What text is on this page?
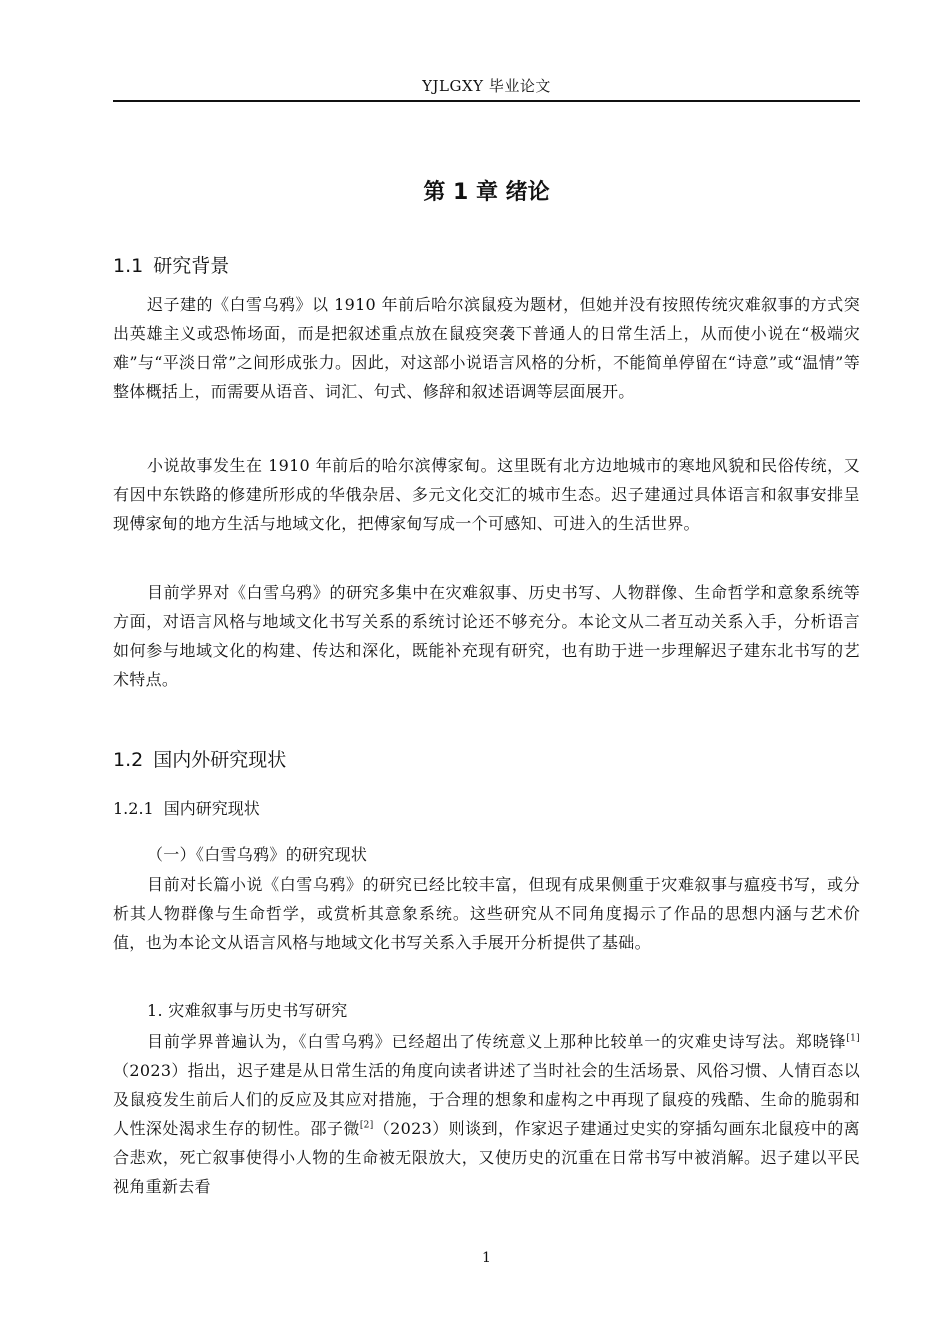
YJLGXY 毕业论文
第 1 章 绪论
1.1 研究背景

迟子建的《白雪乌鸦》以 1910 年前后哈尔滨鼠疫为题材，但她并没有按照传统灾难叙事的方式突出英雄主义或恐怖场面，而是把叙述重点放在鼠疫突袭下普通人的日常生活上，从而使小说在“极端灾难”与“平淡日常”之间形成张力。因此，对这部小说语言风格的分析，不能简单停留在“诗意”或“温情”等整体概括上，而需要从语音、词汇、句式、修辞和叙述语调等层面展开。

小说故事发生在 1910 年前后的哈尔滨傅家甸。这里既有北方边地城市的寒地风貌和民俗传统，又有因中东铁路的修建所形成的华俄杂居、多元文化交汇的城市生态。迟子建通过具体语言和叙事安排呈现傅家甸的地方生活与地域文化，把傅家甸写成一个可感知、可进入的生活世界。

目前学界对《白雪乌鸦》的研究多集中在灾难叙事、历史书写、人物群像、生命哲学和意象系统等方面，对语言风格与地域文化书写关系的系统讨论还不够充分。本论文从二者互动关系入手，分析语言如何参与地域文化的构建、传达和深化，既能补充现有研究，也有助于进一步理解迟子建东北书写的艺术特点。

1.2 国内外研究现状
1.2.1 国内研究现状
（一）《白雪乌鸦》的研究现状

目前对长篇小说《白雪乌鸦》的研究已经比较丰富，但现有成果侧重于灾难叙事与瘟疫书写，或分析其人物群像与生命哲学，或赏析其意象系统。这些研究从不同角度揭示了作品的思想内涵与艺术价值，也为本论文从语言风格与地域文化书写关系入手展开分析提供了基础。

1. 灾难叙事与历史书写研究

目前学界普遍认为，《白雪乌鸦》已经超出了传统意义上那种比较单一的灾难史诗写法。郑晓锋[1]（2023）指出，迟子建是从日常生活的角度向读者讲述了当时社会的生活场景、风俗习惯、人情百态以及鼠疫发生前后人们的反应及其应对措施，于合理的想象和虚构之中再现了鼠疫的残酷、生命的脆弱和人性深处渴求生存的韧性。邵子微[2]（2023）则谈到，作家迟子建通过史实的穿插勾画东北鼠疫中的离合悲欢，死亡叙事使得小人物的生命被无限放大，又使历史的沉重在日常书写中被消解。迟子建以平民视角重新去看

1
